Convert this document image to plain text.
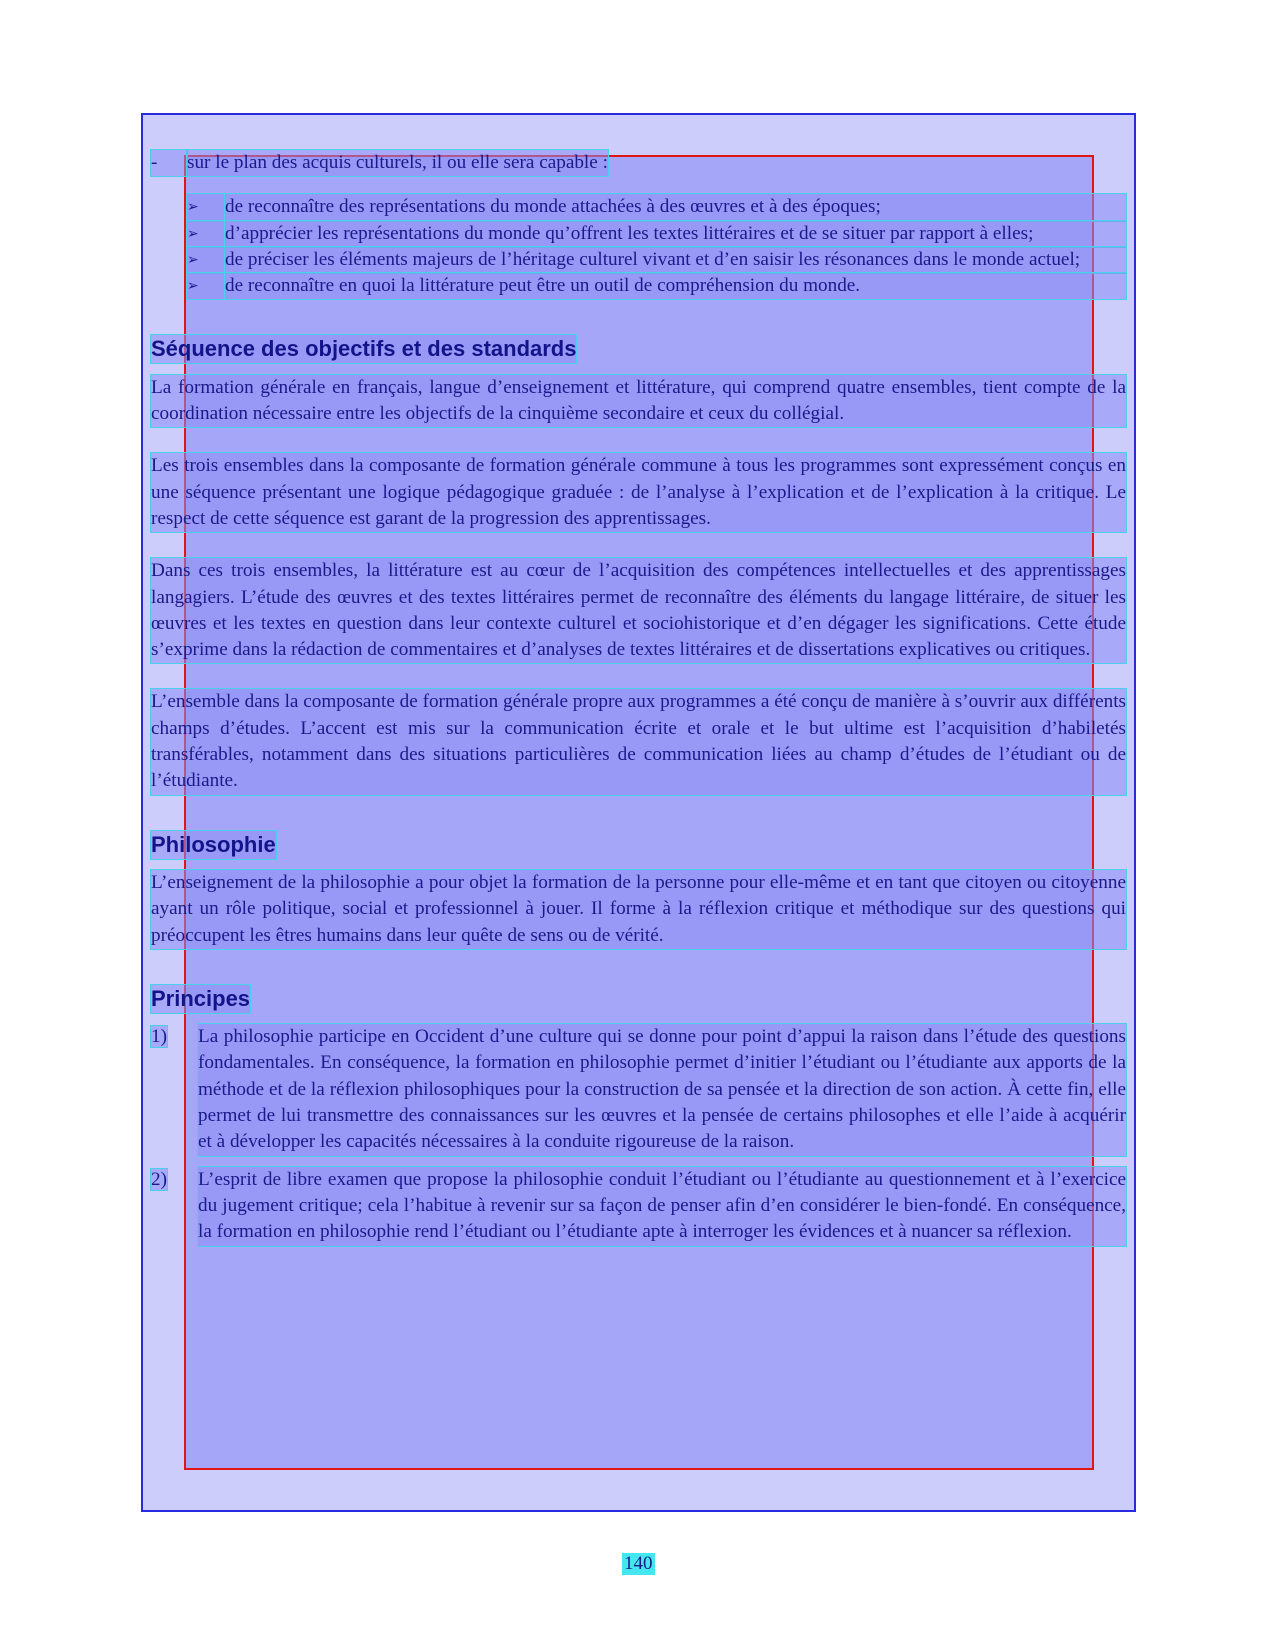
-	sur le plan des acquis culturels, il ou elle sera capable :
➢	de reconnaître des représentations du monde attachées à des œuvres et à des époques;
➢	d’apprécier les représentations du monde qu’offrent les textes littéraires et de se situer par rapport à elles;
➢	de préciser les éléments majeurs de l’héritage culturel vivant et d’en saisir les résonances dans le monde actuel;
➢	de reconnaître en quoi la littérature peut être un outil de compréhension du monde.
Séquence des objectifs et des standards

La formation générale en français, langue d’enseignement et littérature, qui comprend quatre ensembles, tient compte de la coordination nécessaire entre les objectifs de la cinquième secondaire et ceux du collégial.

Les trois ensembles dans la composante de formation générale commune à tous les programmes sont expressément conçus en une séquence présentant une logique pédagogique graduée : de l’analyse à l’explication et de l’explication à la critique. Le respect de cette séquence est garant de la progression des apprentissages.

Dans ces trois ensembles, la littérature est au cœur de l’acquisition des compétences intellectuelles et des apprentissages langagiers. L’étude des œuvres et des textes littéraires permet de reconnaître des éléments du langage littéraire, de situer les œuvres et les textes en question dans leur contexte culturel et sociohistorique et d’en dégager les significations. Cette étude s’exprime dans la rédaction de commentaires et d’analyses de textes littéraires et de dissertations explicatives ou critiques.

L’ensemble dans la composante de formation générale propre aux programmes a été conçu de manière à s’ouvrir aux différents champs d’études. L’accent est mis sur la communication écrite et orale et le but ultime est l’acquisition d’habiletés transférables, notamment dans des situations particulières de communication liées au champ d’études de l’étudiant ou de l’étudiante.

Philosophie

L’enseignement de la philosophie a pour objet la formation de la personne pour elle-même et en tant que citoyen ou citoyenne ayant un rôle politique, social et professionnel à jouer. Il forme à la réflexion critique et méthodique sur des questions qui préoccupent les êtres humains dans leur quête de sens ou de vérité.

Principes
1)	La philosophie participe en Occident d’une culture qui se donne pour point d’appui la raison dans l’étude des questions fondamentales. En conséquence, la formation en philosophie permet d’initier l’étudiant ou l’étudiante aux apports de la méthode et de la réflexion philosophiques pour la construction de sa pensée et la direction de son action. À cette fin, elle permet de lui transmettre des connaissances sur les œuvres et la pensée de certains philosophes et elle l’aide à acquérir et à développer les capacités nécessaires à la conduite rigoureuse de la raison.
2)	L’esprit de libre examen que propose la philosophie conduit l’étudiant ou l’étudiante au questionnement et à l’exercice du jugement critique; cela l’habitue à revenir sur sa façon de penser afin d’en considérer le bien-fondé. En conséquence, la formation en philosophie rend l’étudiant ou l’étudiante apte à interroger les évidences et à nuancer sa réflexion.
140
